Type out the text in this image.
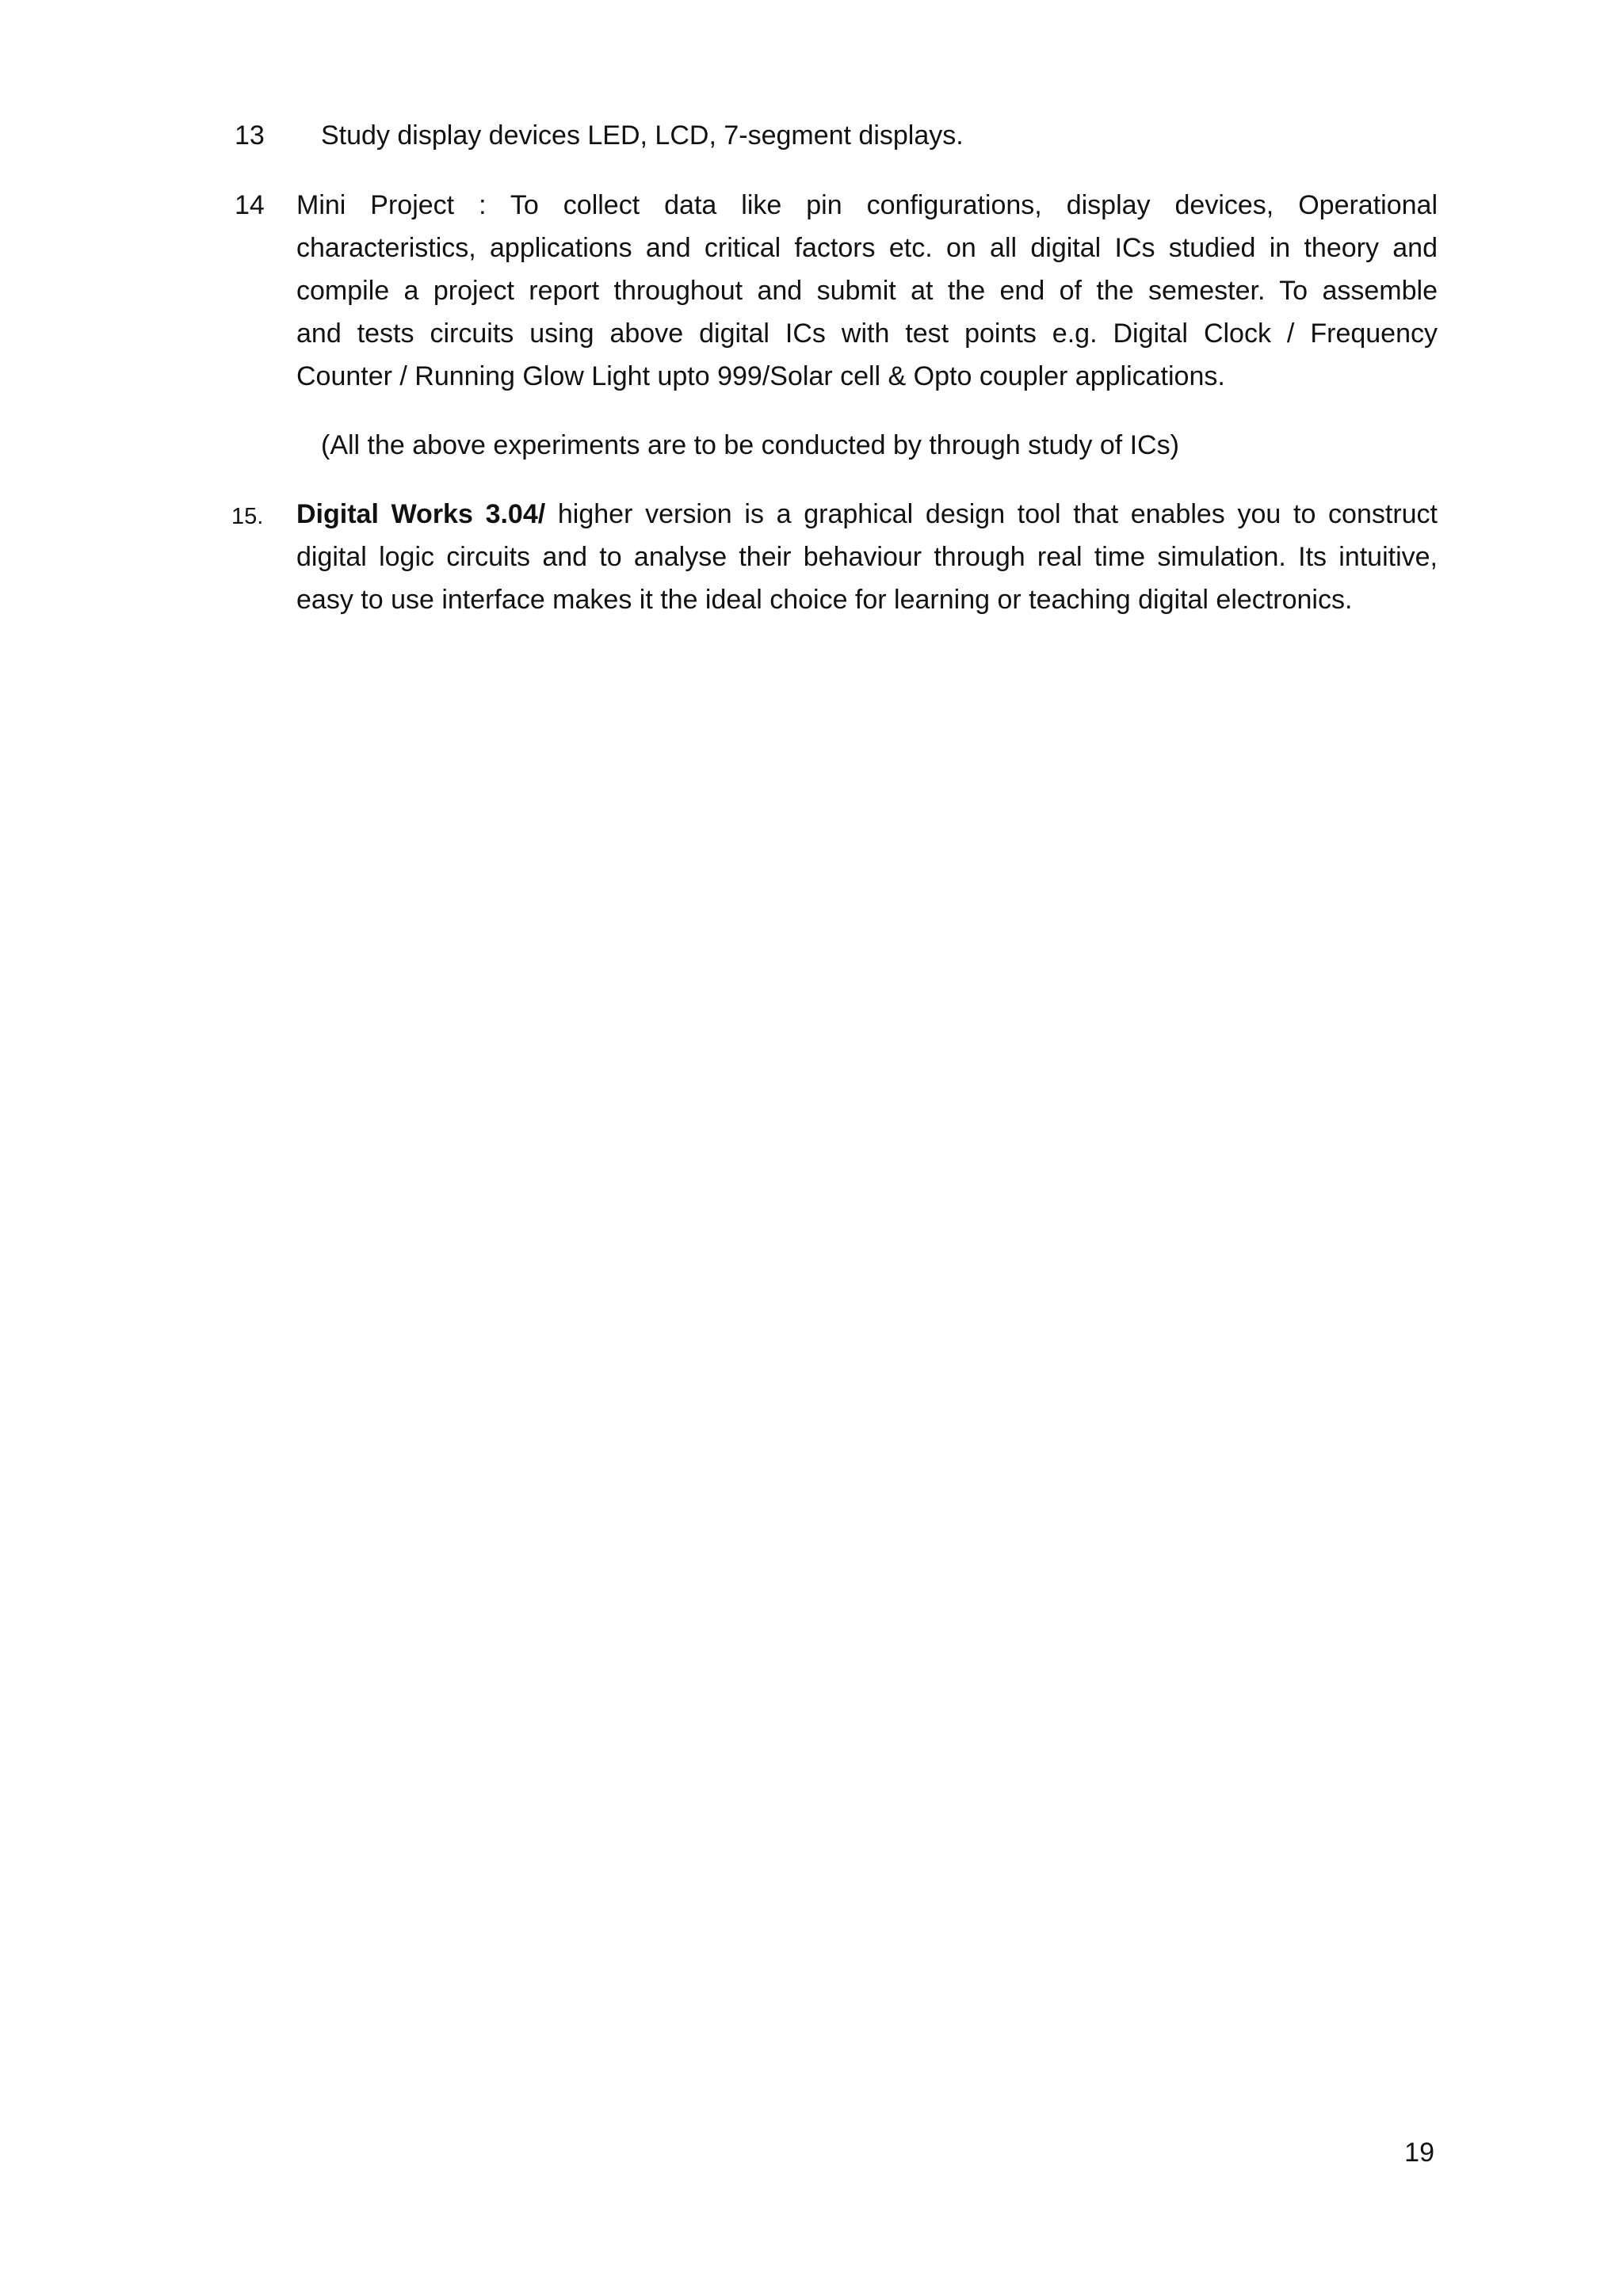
13 Study display devices LED, LCD, 7-segment displays.
14 Mini Project : To collect data like pin configurations, display devices, Operational
characteristics, applications and critical factors etc. on all digital ICs studied in theory and
compile a project report throughout and submit at the end of the semester. To assemble
and tests circuits using above digital ICs with test points e.g. Digital Clock / Frequency
Counter / Running Glow Light upto 999/Solar cell & Opto coupler applications.
(All the above experiments are to be conducted by through study of ICs)
15. Digital Works 3.04/ higher version is a graphical design tool that enables you to construct
digital logic circuits and to analyse their behaviour through real time simulation. Its intuitive,
easy to use interface makes it the ideal choice for learning or teaching digital electronics.
19
